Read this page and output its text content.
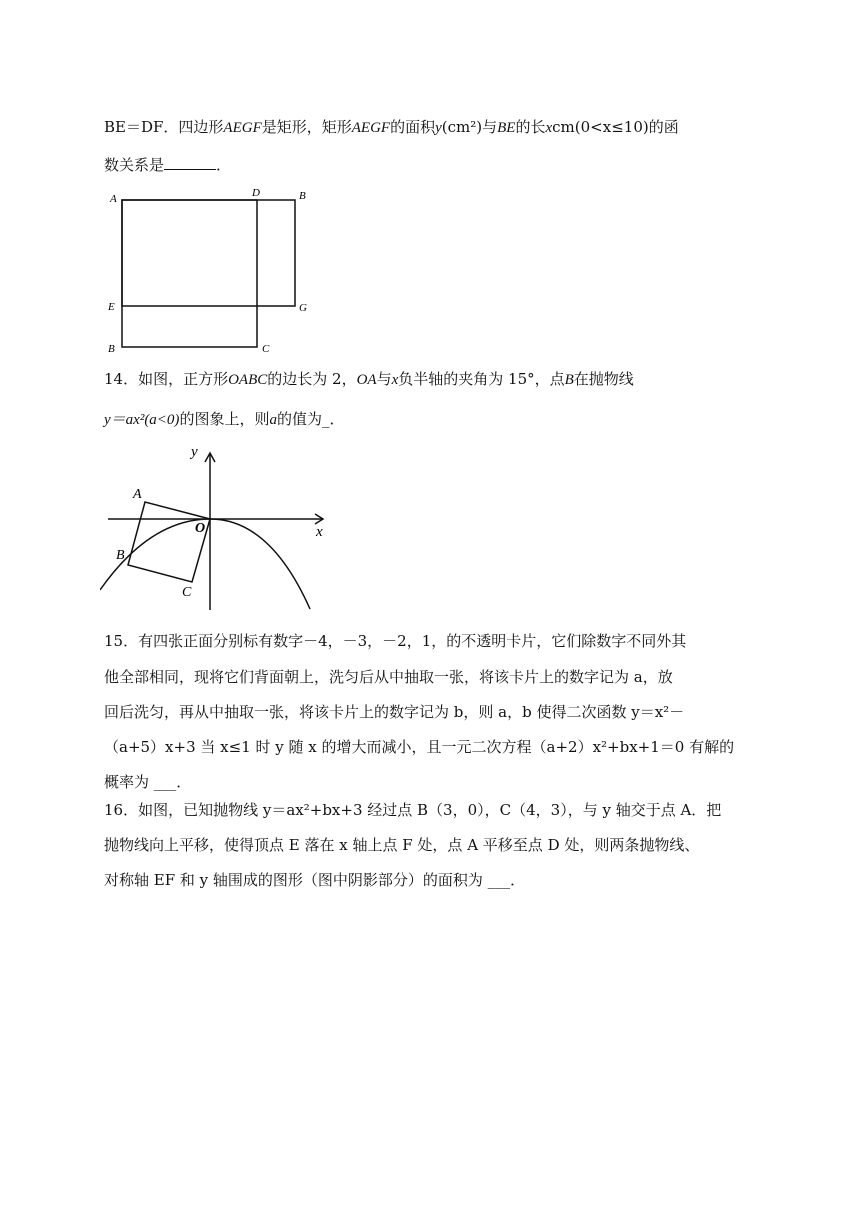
BE＝DF．四边形AEGF是矩形，矩形AEGF的面积y(cm²)与BE的长xcm(0<x≤10)的函
数关系是	．
A	D	B
E	G
B	C
14．如图，正方形OABC的边长为 2，OA与x负半轴的夹角为 15°，点B在抛物线
y＝ax²(a<0)的图象上，则a的值为_．
y
x
A
O
B
C
15．有四张正面分别标有数字－4，－3，－2，1，的不透明卡片，它们除数字不同外其
他全部相同，现将它们背面朝上，洗匀后从中抽取一张，将该卡片上的数字记为 a，放
回后洗匀，再从中抽取一张，将该卡片上的数字记为 b，则 a，b 使得二次函数 y＝x²－
（a+5）x+3 当 x≤1 时 y 随 x 的增大而减小，且一元二次方程（a+2）x²+bx+1＝0 有解的
概率为 ___．
16．如图，已知抛物线 y＝ax²+bx+3 经过点 B（3，0），C（4，3），与 y 轴交于点 A．把
抛物线向上平移，使得顶点 E 落在 x 轴上点 F 处，点 A 平移至点 D 处，则两条抛物线、
对称轴 EF 和 y 轴围成的图形（图中阴影部分）的面积为 ___．
